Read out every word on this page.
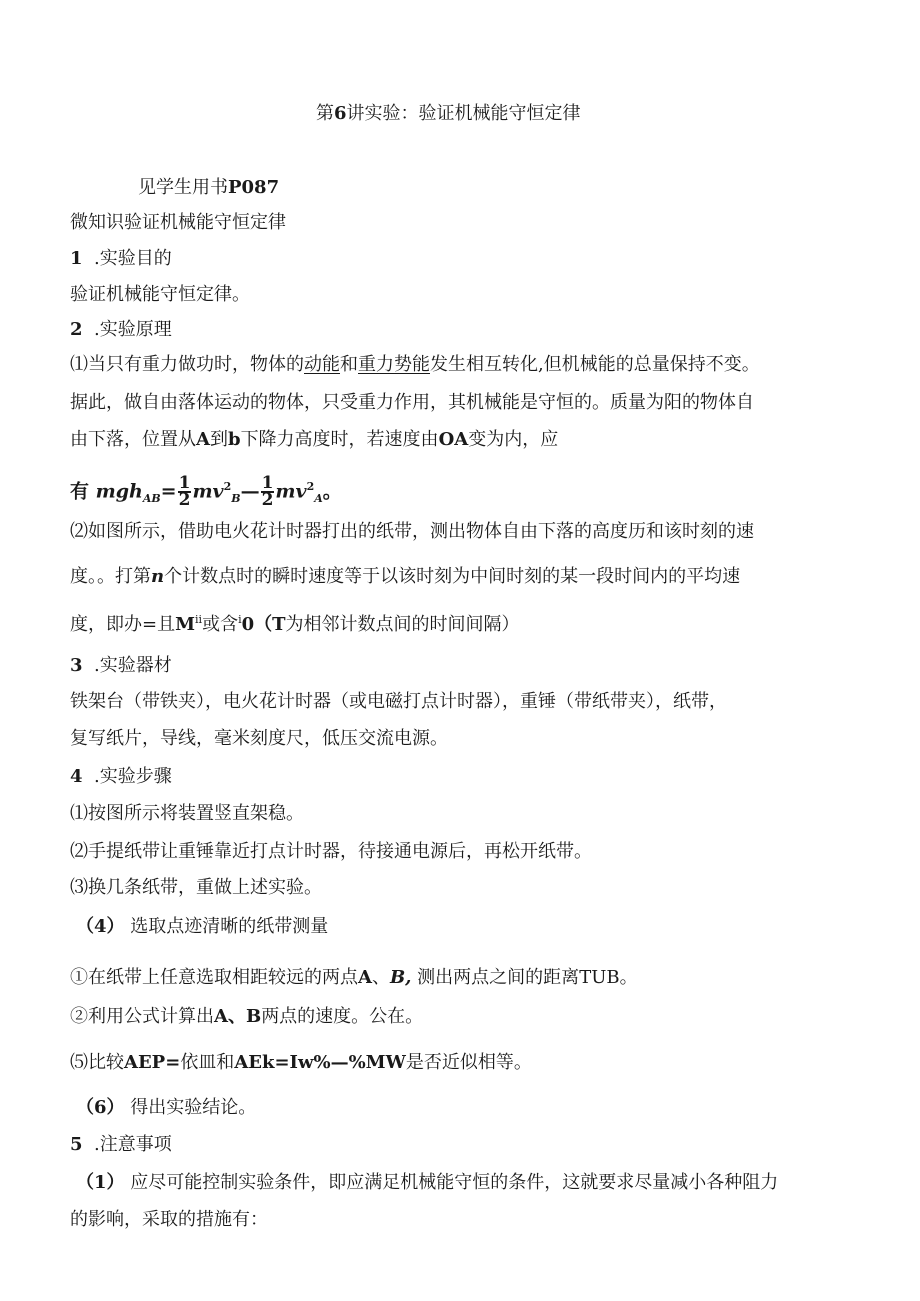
第6讲实验：验证机械能守恒定律
见学生用书P087
微知识验证机械能守恒定律
1 .实验目的
验证机械能守恒定律。
2 .实验原理
⑴当只有重力做功时，物体的动能和重力势能发生相互转化,但机械能的总量保持不变。
据此，做自由落体运动的物体，只受重力作用，其机械能是守恒的。质量为阳的物体自
由下落，位置从A到b下降力高度时，若速度由OA变为内，应
有 $mgh_{AB}= \frac{1}{2}$ $mv^2_B— \frac{1}{2} mv^2_A$。
⑵如图所示，借助电火花计时器打出的纸带，测出物体自由下落的高度历和该时刻的速
度。。打第n个计数点时的瞬时速度等于以该时刻为中间时刻的某一段时间内的平均速
度，即办=且$M^{ii}$或含$^i$0（T为相邻计数点间的时间间隔）
3 .实验器材
铁架台（带铁夹），电火花计时器（或电磁打点计时器），重锤（带纸带夹），纸带，
复写纸片，导线，毫米刻度尺，低压交流电源。
4 .实验步骤
⑴按图所示将装置竖直架稳。
⑵手提纸带让重锤靠近打点计时器，待接通电源后，再松开纸带。
⑶换几条纸带，重做上述实验。
（4） 选取点迹清晰的纸带测量
①在纸带上任意选取相距较远的两点A、B, 测出两点之间的距离TUB。
②利用公式计算出A、B两点的速度。公在。
⑸比较AEP=依皿和AEk=Iw%—%MW是否近似相等。
（6） 得出实验结论。
5 .注意事项
（1） 应尽可能控制实验条件，即应满足机械能守恒的条件，这就要求尽量减小各种阻力
的影响，采取的措施有：
